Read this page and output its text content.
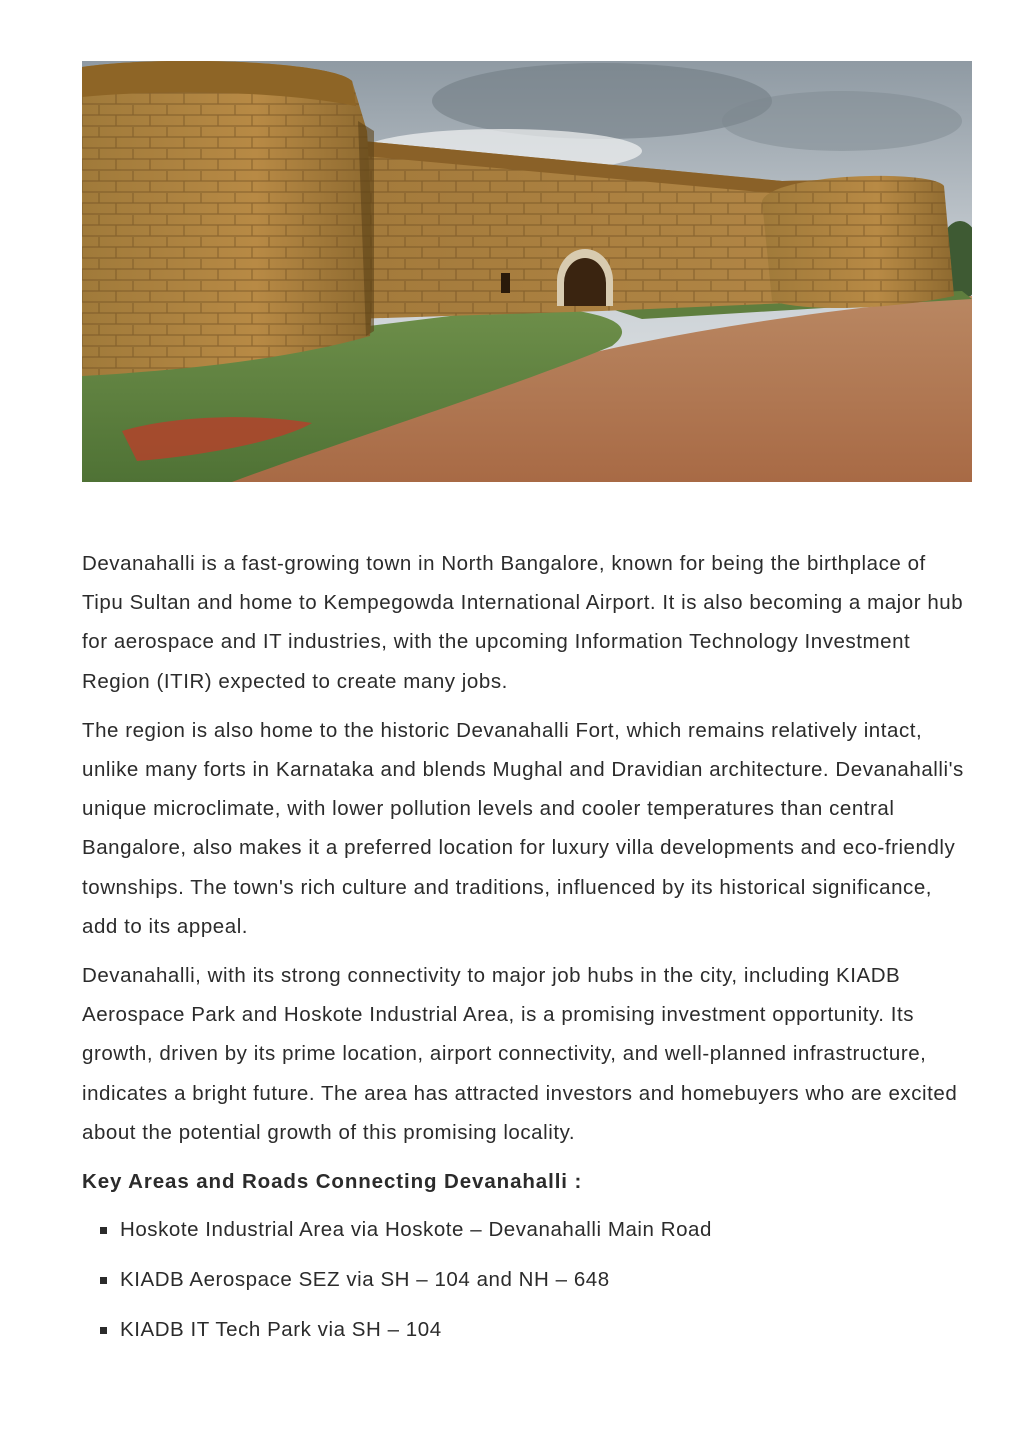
Devanahalli is a fast-growing town in North Bangalore, known for being the birthplace of Tipu Sultan and home to Kempegowda International Airport. It is also becoming a major hub for aerospace and IT industries, with the upcoming Information Technology Investment Region (ITIR) expected to create many jobs.

The region is also home to the historic Devanahalli Fort, which remains relatively intact, unlike many forts in Karnataka and blends Mughal and Dravidian architecture. Devanahalli's unique microclimate, with lower pollution levels and cooler temperatures than central Bangalore, also makes it a preferred location for luxury villa developments and eco-friendly townships. The town's rich culture and traditions, influenced by its historical significance, add to its appeal.

Devanahalli, with its strong connectivity to major job hubs in the city, including KIADB Aerospace Park and Hoskote Industrial Area, is a promising investment opportunity. Its growth, driven by its prime location, airport connectivity, and well-planned infrastructure, indicates a bright future. The area has attracted investors and homebuyers who are excited about the potential growth of this promising locality.

Key Areas and Roads Connecting Devanahalli :

Hoskote Industrial Area via Hoskote – Devanahalli Main Road
KIADB Aerospace SEZ via SH – 104 and NH – 648
KIADB IT Tech Park via SH – 104
